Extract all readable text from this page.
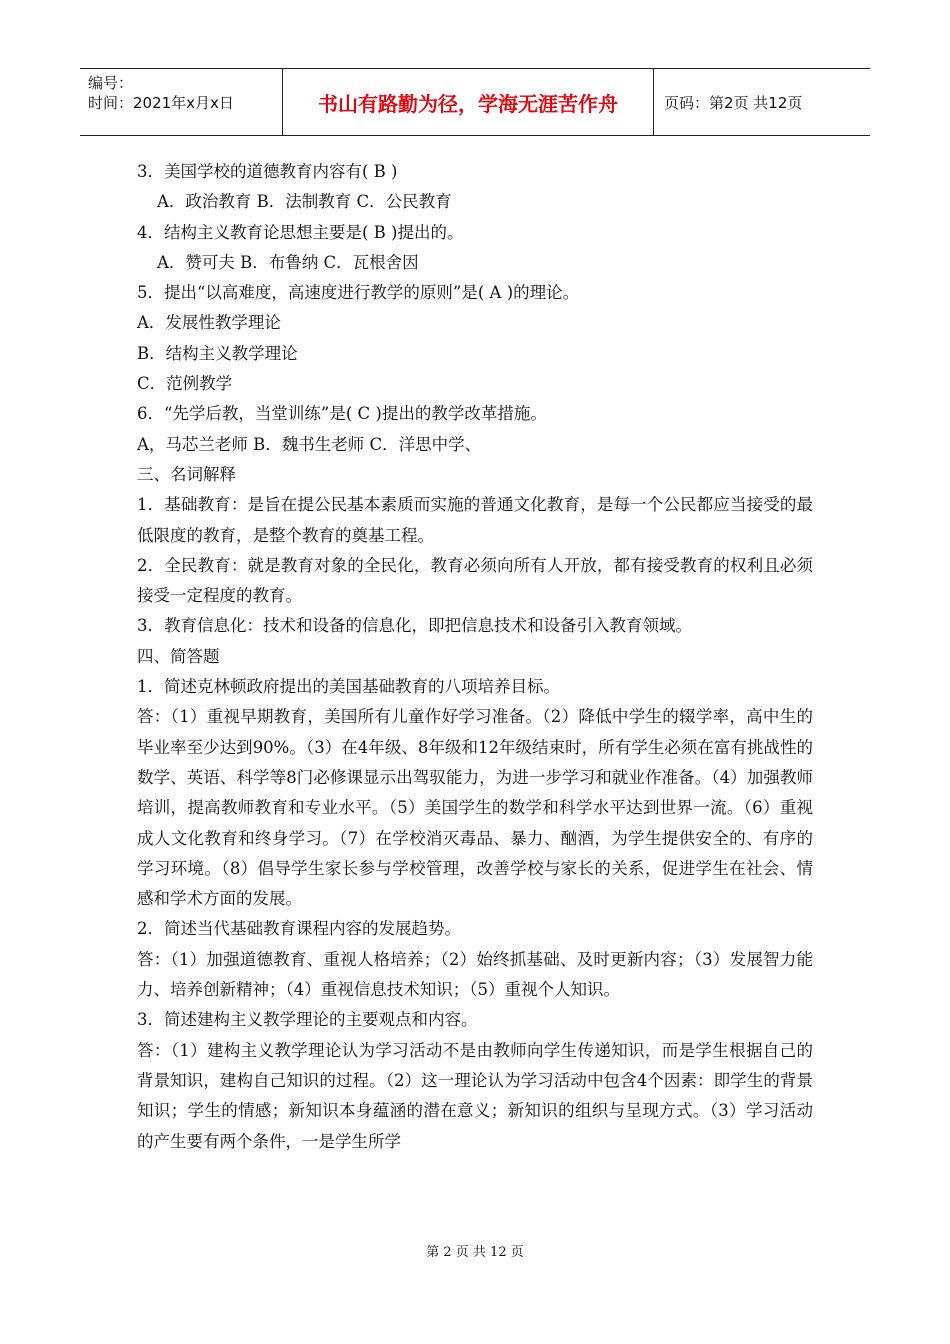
编号：
时间：2021年x月x日	书山有路勤为径，学海无涯苦作舟	页码：第2页 共12页

3．美国学校的道德教育内容有( B )

A．政治教育 B．法制教育 C．公民教育

4．结构主义教育论思想主要是( B )提出的。

A．赞可夫 B．布鲁纳 C．瓦根舍因

5．提出“以高难度，高速度进行教学的原则”是( A )的理论。

A．发展性教学理论

B．结构主义教学理论

C．范例教学

6．“先学后教，当堂训练”是( C )提出的教学改革措施。

A，马芯兰老师 B．魏书生老师 C．洋思中学、

三、名词解释

1．基础教育：是旨在提公民基本素质而实施的普通文化教育，是每一个公民都应当接受的最低限度的教育，是整个教育的奠基工程。

2．全民教育：就是教育对象的全民化，教育必须向所有人开放，都有接受教育的权利且必须接受一定程度的教育。

3．教育信息化：技术和设备的信息化，即把信息技术和设备引入教育领域。

四、简答题

1．简述克林顿政府提出的美国基础教育的八项培养目标。

答：（1）重视早期教育，美国所有儿童作好学习准备。（2）降低中学生的辍学率，高中生的毕业率至少达到90%。（3）在4年级、8年级和12年级结束时，所有学生必须在富有挑战性的数学、英语、科学等8门必修课显示出驾驭能力，为进一步学习和就业作准备。（4）加强教师培训，提高教师教育和专业水平。（5）美国学生的数学和科学水平达到世界一流。（6）重视成人文化教育和终身学习。（7）在学校消灭毒品、暴力、酗酒，为学生提供安全的、有序的学习环境。（8）倡导学生家长参与学校管理，改善学校与家长的关系，促进学生在社会、情感和学术方面的发展。

2．简述当代基础教育课程内容的发展趋势。

答：（1）加强道德教育、重视人格培养；（2）始终抓基础、及时更新内容；（3）发展智力能力、培养创新精神；（4）重视信息技术知识；（5）重视个人知识。

3．简述建构主义教学理论的主要观点和内容。

答：（1）建构主义教学理论认为学习活动不是由教师向学生传递知识，而是学生根据自己的背景知识，建构自己知识的过程。（2）这一理论认为学习活动中包含4个因素：即学生的背景知识；学生的情感；新知识本身蕴涵的潜在意义；新知识的组织与呈现方式。（3）学习活动的产生要有两个条件，一是学生所学

第 2 页 共 12 页
